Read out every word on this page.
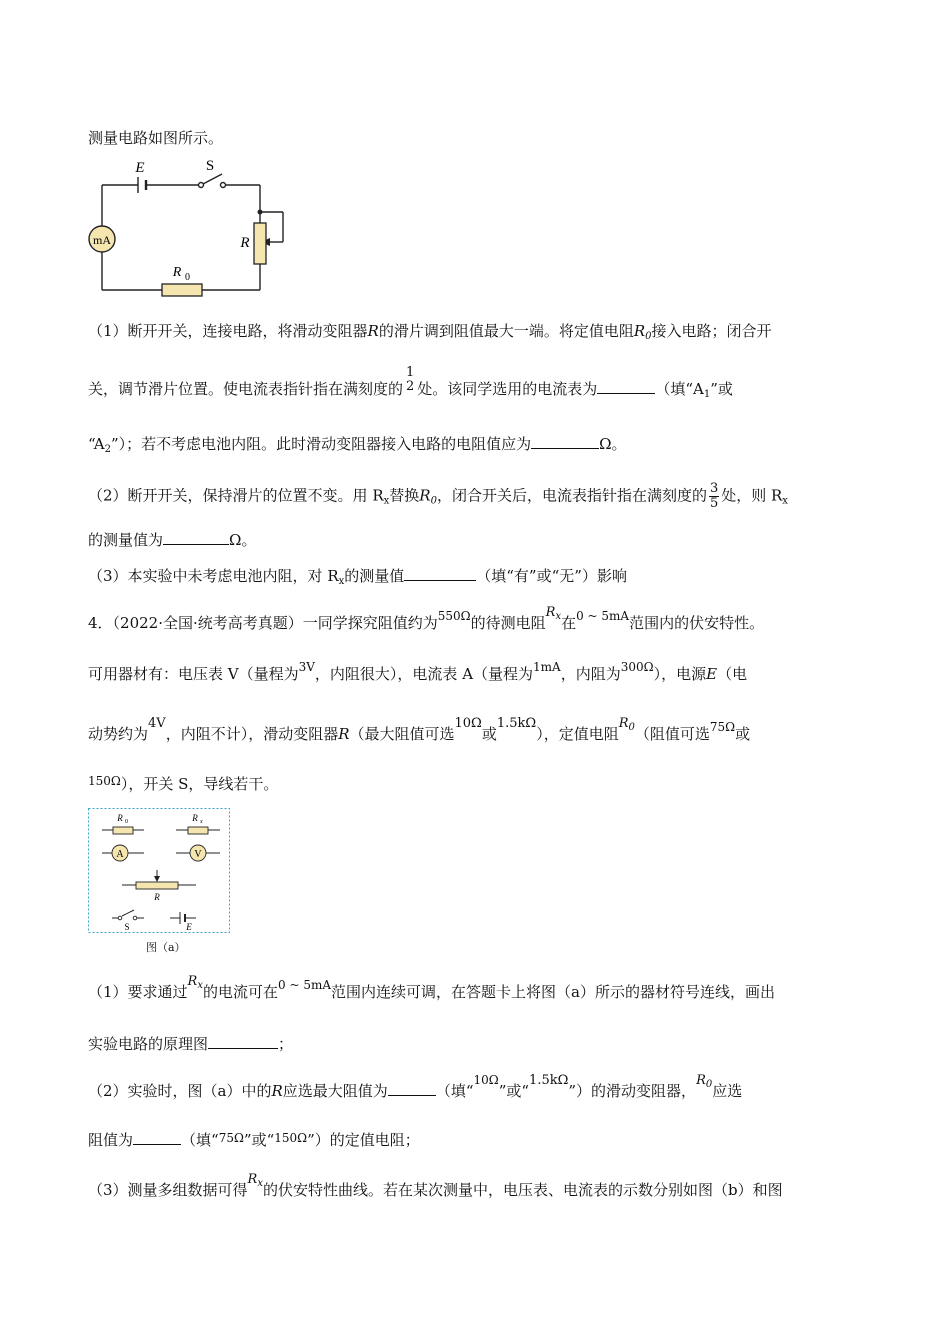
测量电路如图所示。
mA
E	S
R
R 0
（1）断开开关，连接电路，将滑动变阻器R的滑片调到阻值最大一端。将定值电阻$R_0$接入电路；闭合开
关，调节滑片位置。使电流表指针指在满刻度的
1
2 处。该同学选用的电流表为	（填“$A_1$”或
“$A_2$”）；若不考虑电池内阻。此时滑动变阻器接入电路的电阻值应为	Ω。
（2）断开开关，保持滑片的位置不变。用 $R_x$替换$R_0$，闭合开关后，电流表指针指在满刻度的 $\frac{3}{5}$ 处，则 $R_x$
的测量值为	Ω。
（3）本实验中未考虑电池内阻，对 $R_x$的测量值	（填“有”或“无”）影响
4．（2022·全国·统考高考真题）一同学探究阻值约为$^{550\Omega}$的待测电阻$R^x$在$^{0 \sim 5mA}$范围内的伏安特性。
可用器材有：电压表 V（量程为$^{3V}$，内阻很大），电流表 A（量程为$^{1mA}$，内阻为$^{300\Omega}$），电源E（电
动势约为4V，内阻不计），滑动变阻器R（最大阻值可选10Ω或1.5kΩ），定值电阻$R^0$（阻值可选$^{75\Omega}$或
$^{150\Omega}$），开关 S，导线若干。
R 0	R x
A	V
R
S	E
图（a）
（1）要求通过$R^x$的电流可在$^{0 \sim 5mA}$范围内连续可调，在答题卡上将图（a）所示的器材符号连线，画出
实验电路的原理图	；
（2）实验时，图（a）中的R应选最大阻值为	（填“$^{10\Omega}$”或“1.5kΩ”）的滑动变阻器，$R^0$应选
阻值为	（填“$^{75\Omega}$”或“$^{150\Omega}$”）的定值电阻；
（3）测量多组数据可得$R^x$的伏安特性曲线。若在某次测量中，电压表、电流表的示数分别如图（b）和图
